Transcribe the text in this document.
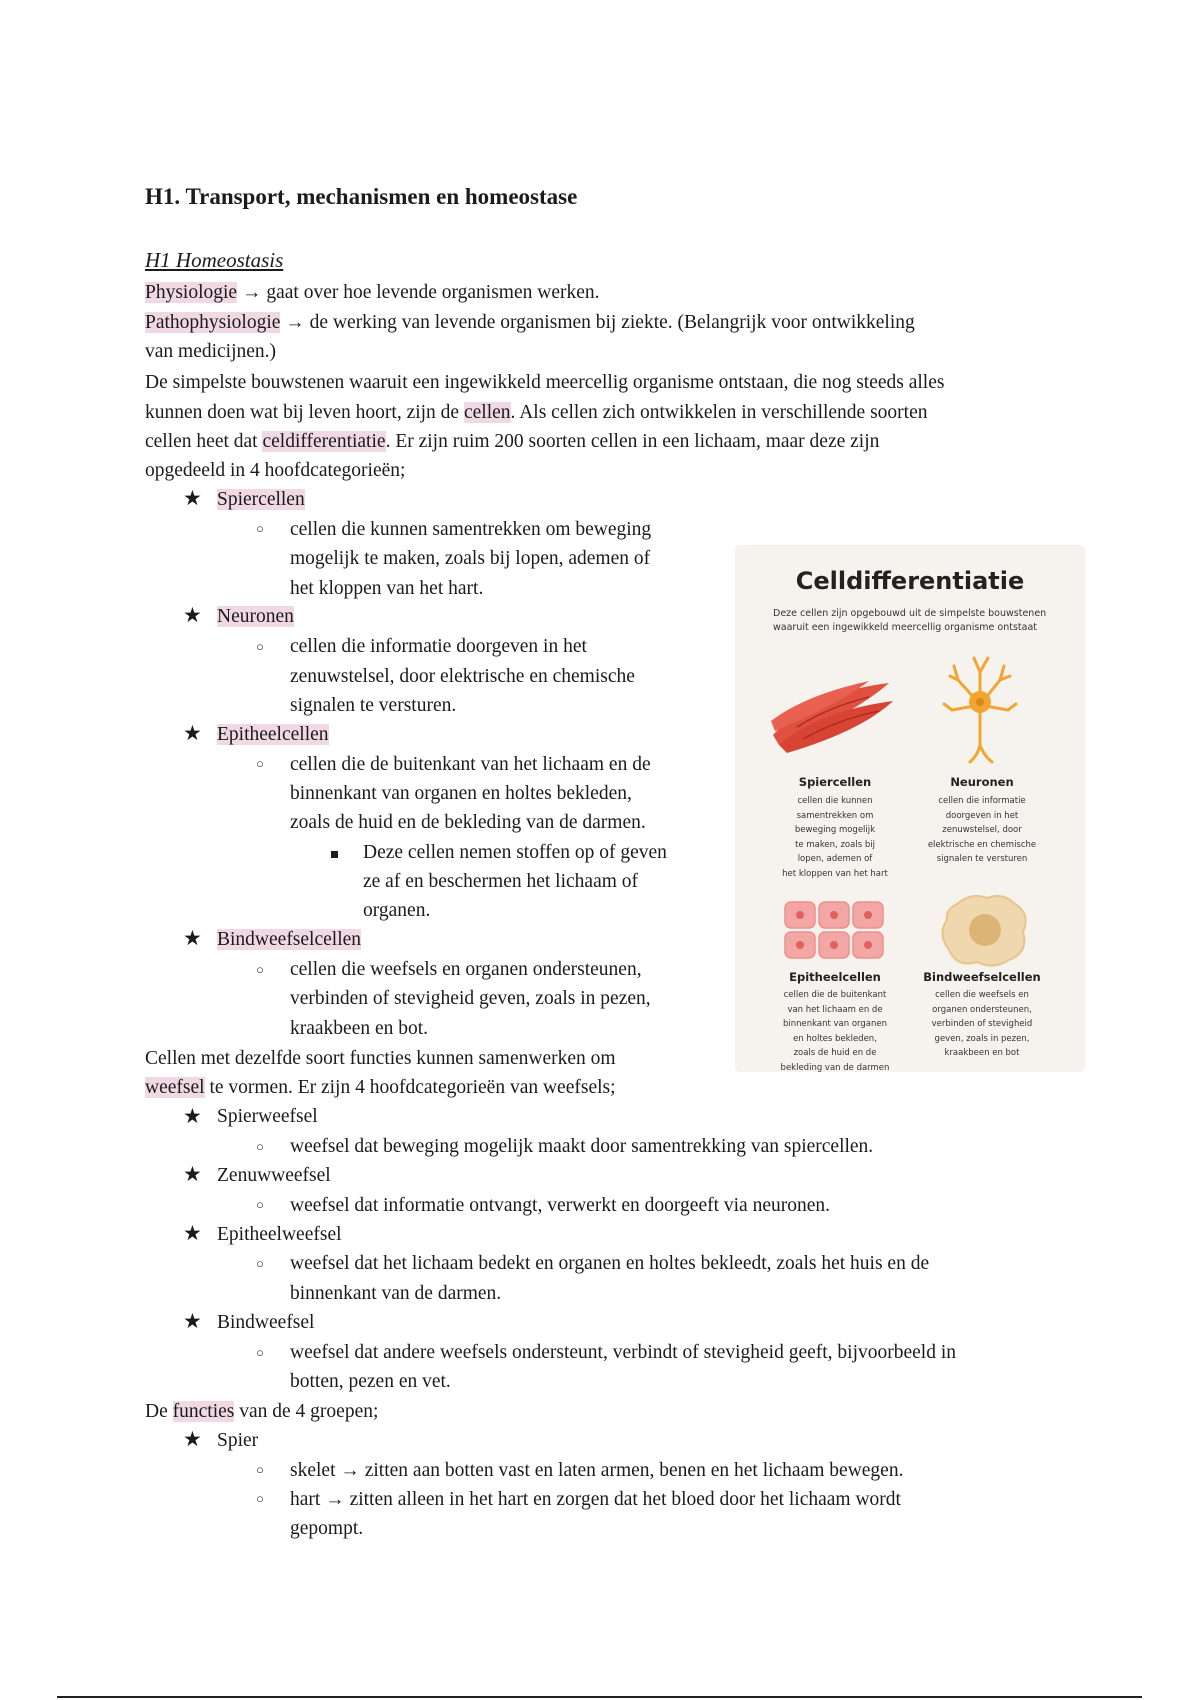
H1. Transport, mechanismen en homeostase
H1 Homeostasis
Physiologie → gaat over hoe levende organismen werken.
Pathophysiologie → de werking van levende organismen bij ziekte. (Belangrijk voor ontwikkeling
van medicijnen.)
De simpelste bouwstenen waaruit een ingewikkeld meercellig organisme ontstaan, die nog steeds alles
kunnen doen wat bij leven hoort, zijn de cellen. Als cellen zich ontwikkelen in verschillende soorten
cellen heet dat celdifferentiatie. Er zijn ruim 200 soorten cellen in een lichaam, maar deze zijn
opgedeeld in 4 hoofdcategorieën;
★ Spiercellen
○ cellen die kunnen samentrekken om beweging
mogelijk te maken, zoals bij lopen, ademen of
het kloppen van het hart.
★ Neuronen
○ cellen die informatie doorgeven in het
zenuwstelsel, door elektrische en chemische
signalen te versturen.
★ Epitheelcellen
○ cellen die de buitenkant van het lichaam en de
binnenkant van organen en holtes bekleden,
zoals de huid en de bekleding van de darmen.
Deze cellen nemen stoffen op of geven
ze af en beschermen het lichaam of
organen.
★ Bindweefselcellen
○ cellen die weefsels en organen ondersteunen,
verbinden of stevigheid geven, zoals in pezen,
kraakbeen en bot.
Cellen met dezelfde soort functies kunnen samenwerken om
weefsel te vormen. Er zijn 4 hoofdcategorieën van weefsels;
★ Spierweefsel
○ weefsel dat beweging mogelijk maakt door samentrekking van spiercellen.
★ Zenuwweefsel
○ weefsel dat informatie ontvangt, verwerkt en doorgeeft via neuronen.
★ Epitheelweefsel
○ weefsel dat het lichaam bedekt en organen en holtes bekleedt, zoals het huis en de
binnenkant van de darmen.
★ Bindweefsel
○ weefsel dat andere weefsels ondersteunt, verbindt of stevigheid geeft, bijvoorbeeld in
botten, pezen en vet.
De functies van de 4 groepen;
★ Spier
○ skelet → zitten aan botten vast en laten armen, benen en het lichaam bewegen.
○ hart → zitten alleen in het hart en zorgen dat het bloed door het lichaam wordt
gepompt.
Celldifferentiatie
Deze cellen zijn opgebouwd uit de simpelste bouwstenen waaruit een ingewikkeld meercellig organisme ontstaat
Spiercellen
cellen die kunnen
samentrekken om
beweging mogelijk
te maken, zoals bij
lopen, ademen of
het kloppen van het hart
Neuronen
cellen die informatie
doorgeven in het
zenuwstelsel, door
elektrische en chemische
signalen te versturen
Epitheelcellen
cellen die de buitenkant
van het lichaam en de
binnenkant van organen
en holtes bekleden,
zoals de huid en de
bekleding van de darmen
Bindweefselcellen
cellen die weefsels en
organen ondersteunen,
verbinden of stevigheid
geven, zoals in pezen,
kraakbeen en bot
